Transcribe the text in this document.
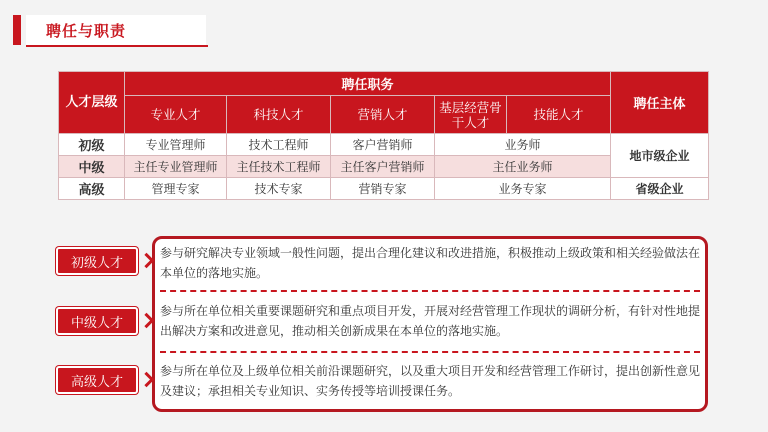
聘任与职责
人才层级	聘任职务					聘任主体
	专业人才	科技人才	营销人才	基层经营骨干人才	技能人才	
初级	专业管理师	技术工程师	客户营销师	业务师		地市级企业
中级	主任专业管理师	主任技术工程师	主任客户营销师	主任业务师		
高级	管理专家	技术专家	营销专家	业务专家		省级企业
初级人才
参与研究解决专业领域一般性问题，提出合理化建议和改进措施，积极推动上级政策和相关经验做法在本单位的落地实施。
中级人才
参与所在单位相关重要课题研究和重点项目开发，开展对经营管理工作现状的调研分析，有针对性地提出解决方案和改进意见，推动相关创新成果在本单位的落地实施。
高级人才
参与所在单位及上级单位相关前沿课题研究，以及重大项目开发和经营管理工作研讨，提出创新性意见及建议；承担相关专业知识、实务传授等培训授课任务。
